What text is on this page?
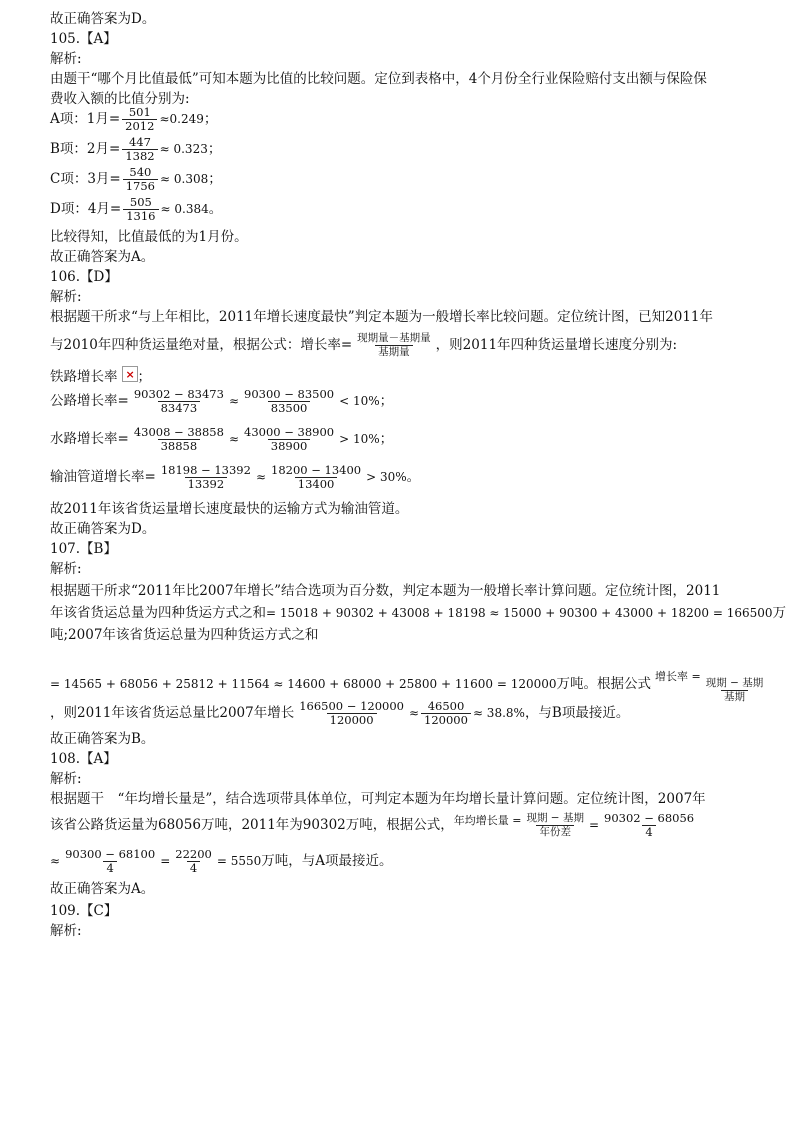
故正确答案为D。
105.【A】
解析:
由题干“哪个月比值最低”可知本题为比值的比较问题。定位到表格中，4个月份全行业保险赔付支出额与保险保
费收入额的比值分别为:
A项：1月= $\frac{501}{2012} \approx 0.249$；
B项：2月= $\frac{447}{1382} \approx 0.323$；
C项：3月= $\frac{540}{1756} \approx 0.308$；
D项：4月= $\frac{505}{1316} \approx 0.384$。
比较得知，比值最低的为1月份。
故正确答案为A。
106.【D】
解析:
根据题干所求“与上年相比，2011年增长速度最快”判定本题为一般增长率比较问题。定位统计图，已知2011年
与2010年四种货运量绝对量，根据公式：增长率= 现期量－基期量
基期量 ，则2011年四种货运量增长速度分别为:
铁路增长率× ；
公路增长率= $\frac{90302 - 83473}{83473} \approx \frac{90300 - 83500}{83500} < 10\%$；
水路增长率= $\frac{43008 - 38858}{38858} \approx \frac{43000 - 38900}{38900} > 10\%$；
输油管道增长率= $\frac{18198 - 13392}{13392} \approx \frac{18200 - 13400}{13400} > 30\%$。
故2011年该省货运量增长速度最快的运输方式为输油管道。
故正确答案为D。
107.【B】
解析:
根据题干所求“2011年比2007年增长”结合选项为百分数，判定本题为一般增长率计算问题。定位统计图，2011
年该省货运总量为四种货运方式之和= 15018 + 90302 + 43008 + 18198 ≈ 15000 + 90300 + 43000 + 18200 = 166500万
吨;2007年该省货运总量为四种货运方式之和
= 14565 + 68056 + 25812 + 11564 ≈ 14600 + 68000 + 25800 + 11600 = 120000万吨。根据公式 $^{增长率 =}$ 现期 − 基期
基期
，则2011年该省货运总量比2007年增长 $\frac{166500 - 120000}{120000} \approx \frac{46500}{120000} \approx 38.8\%$，与B项最接近。
故正确答案为B。
108.【A】
解析:
根据题干　“年均增长量是”，结合选项带具体单位，可判定本题为年均增长量计算问题。定位统计图，2007年
该省公路货运量为68056万吨，2011年为90302万吨，根据公式，$^{年均增长量 =}$ 现期 − 基期
年份差 = $\frac{90302 - 68056}{4}$
≈ $\frac{90300 - 68100}{4} = \frac{22200}{4} = 5550$万吨，与A项最接近。
故正确答案为A。
109.【C】
解析:
